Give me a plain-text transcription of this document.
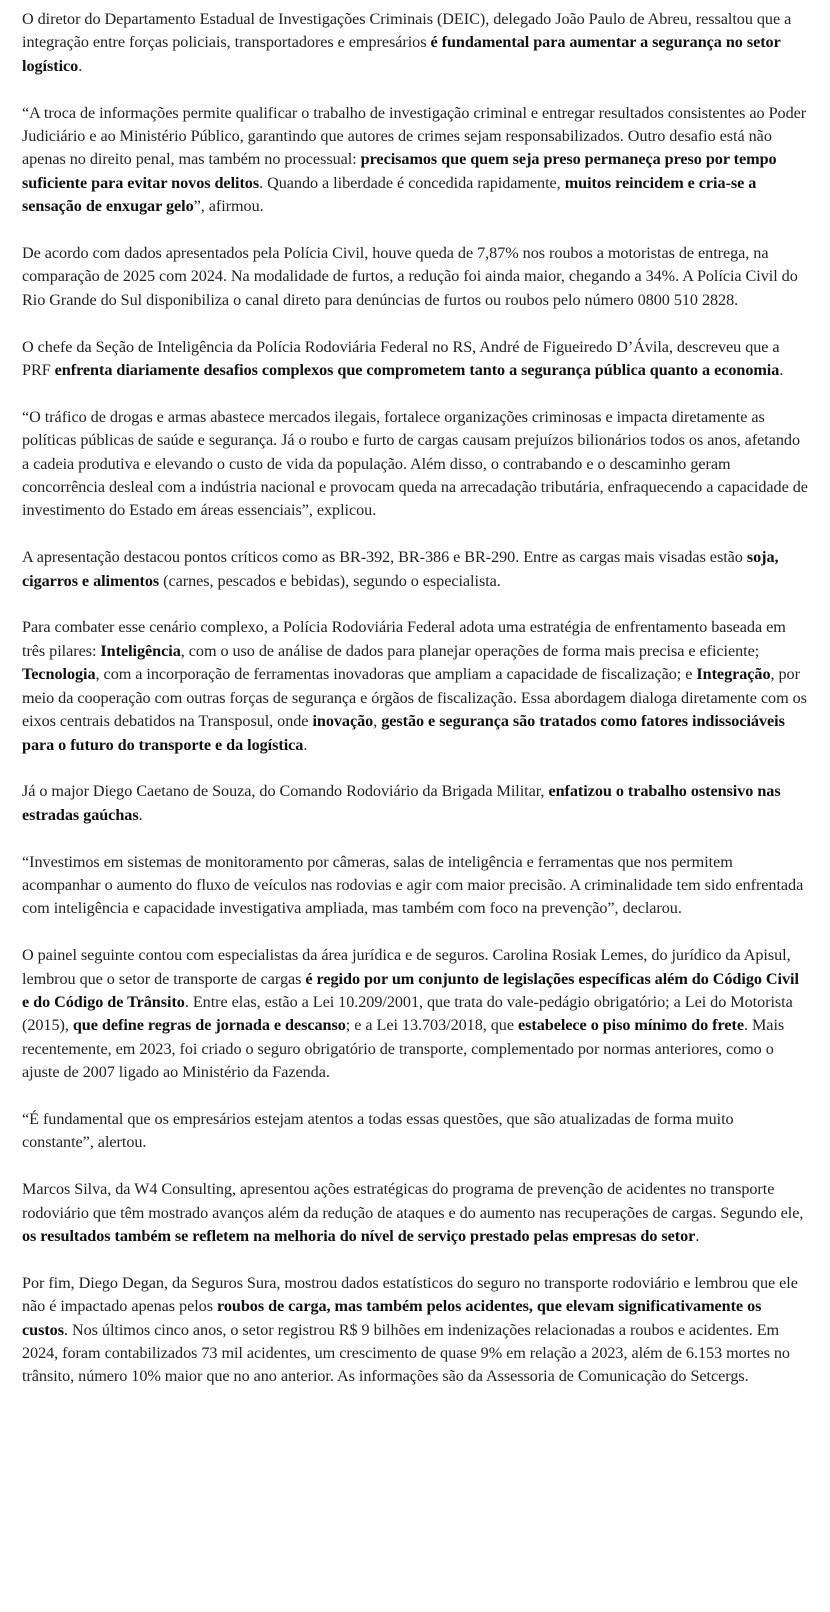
O diretor do Departamento Estadual de Investigações Criminais (DEIC), delegado João Paulo de Abreu, ressaltou que a integração entre forças policiais, transportadores e empresários é fundamental para aumentar a segurança no setor logístico.

“A troca de informações permite qualificar o trabalho de investigação criminal e entregar resultados consistentes ao Poder Judiciário e ao Ministério Público, garantindo que autores de crimes sejam responsabilizados. Outro desafio está não apenas no direito penal, mas também no processual: precisamos que quem seja preso permaneça preso por tempo suficiente para evitar novos delitos. Quando a liberdade é concedida rapidamente, muitos reincidem e cria-se a sensação de enxugar gelo”, afirmou.

De acordo com dados apresentados pela Polícia Civil, houve queda de 7,87% nos roubos a motoristas de entrega, na comparação de 2025 com 2024. Na modalidade de furtos, a redução foi ainda maior, chegando a 34%. A Polícia Civil do Rio Grande do Sul disponibiliza o canal direto para denúncias de furtos ou roubos pelo número 0800 510 2828.

O chefe da Seção de Inteligência da Polícia Rodoviária Federal no RS, André de Figueiredo D’Ávila, descreveu que a PRF enfrenta diariamente desafios complexos que comprometem tanto a segurança pública quanto a economia.

“O tráfico de drogas e armas abastece mercados ilegais, fortalece organizações criminosas e impacta diretamente as políticas públicas de saúde e segurança. Já o roubo e furto de cargas causam prejuízos bilionários todos os anos, afetando a cadeia produtiva e elevando o custo de vida da população. Além disso, o contrabando e o descaminho geram concorrência desleal com a indústria nacional e provocam queda na arrecadação tributária, enfraquecendo a capacidade de investimento do Estado em áreas essenciais”, explicou.

A apresentação destacou pontos críticos como as BR-392, BR-386 e BR-290. Entre as cargas mais visadas estão soja, cigarros e alimentos (carnes, pescados e bebidas), segundo o especialista.

Para combater esse cenário complexo, a Polícia Rodoviária Federal adota uma estratégia de enfrentamento baseada em três pilares: Inteligência, com o uso de análise de dados para planejar operações de forma mais precisa e eficiente; Tecnologia, com a incorporação de ferramentas inovadoras que ampliam a capacidade de fiscalização; e Integração, por meio da cooperação com outras forças de segurança e órgãos de fiscalização. Essa abordagem dialoga diretamente com os eixos centrais debatidos na Transposul, onde inovação, gestão e segurança são tratados como fatores indissociáveis para o futuro do transporte e da logística.

Já o major Diego Caetano de Souza, do Comando Rodoviário da Brigada Militar, enfatizou o trabalho ostensivo nas estradas gaúchas.

“Investimos em sistemas de monitoramento por câmeras, salas de inteligência e ferramentas que nos permitem acompanhar o aumento do fluxo de veículos nas rodovias e agir com maior precisão. A criminalidade tem sido enfrentada com inteligência e capacidade investigativa ampliada, mas também com foco na prevenção”, declarou.

O painel seguinte contou com especialistas da área jurídica e de seguros. Carolina Rosiak Lemes, do jurídico da Apisul, lembrou que o setor de transporte de cargas é regido por um conjunto de legislações específicas além do Código Civil e do Código de Trânsito. Entre elas, estão a Lei 10.209/2001, que trata do vale-pedágio obrigatório; a Lei do Motorista (2015), que define regras de jornada e descanso; e a Lei 13.703/2018, que estabelece o piso mínimo do frete. Mais recentemente, em 2023, foi criado o seguro obrigatório de transporte, complementado por normas anteriores, como o ajuste de 2007 ligado ao Ministério da Fazenda.

“É fundamental que os empresários estejam atentos a todas essas questões, que são atualizadas de forma muito constante”, alertou.

Marcos Silva, da W4 Consulting, apresentou ações estratégicas do programa de prevenção de acidentes no transporte rodoviário que têm mostrado avanços além da redução de ataques e do aumento nas recuperações de cargas. Segundo ele, os resultados também se refletem na melhoria do nível de serviço prestado pelas empresas do setor.

Por fim, Diego Degan, da Seguros Sura, mostrou dados estatísticos do seguro no transporte rodoviário e lembrou que ele não é impactado apenas pelos roubos de carga, mas também pelos acidentes, que elevam significativamente os custos. Nos últimos cinco anos, o setor registrou R$ 9 bilhões em indenizações relacionadas a roubos e acidentes. Em 2024, foram contabilizados 73 mil acidentes, um crescimento de quase 9% em relação a 2023, além de 6.153 mortes no trânsito, número 10% maior que no ano anterior. As informações são da Assessoria de Comunicação do Setcergs.
